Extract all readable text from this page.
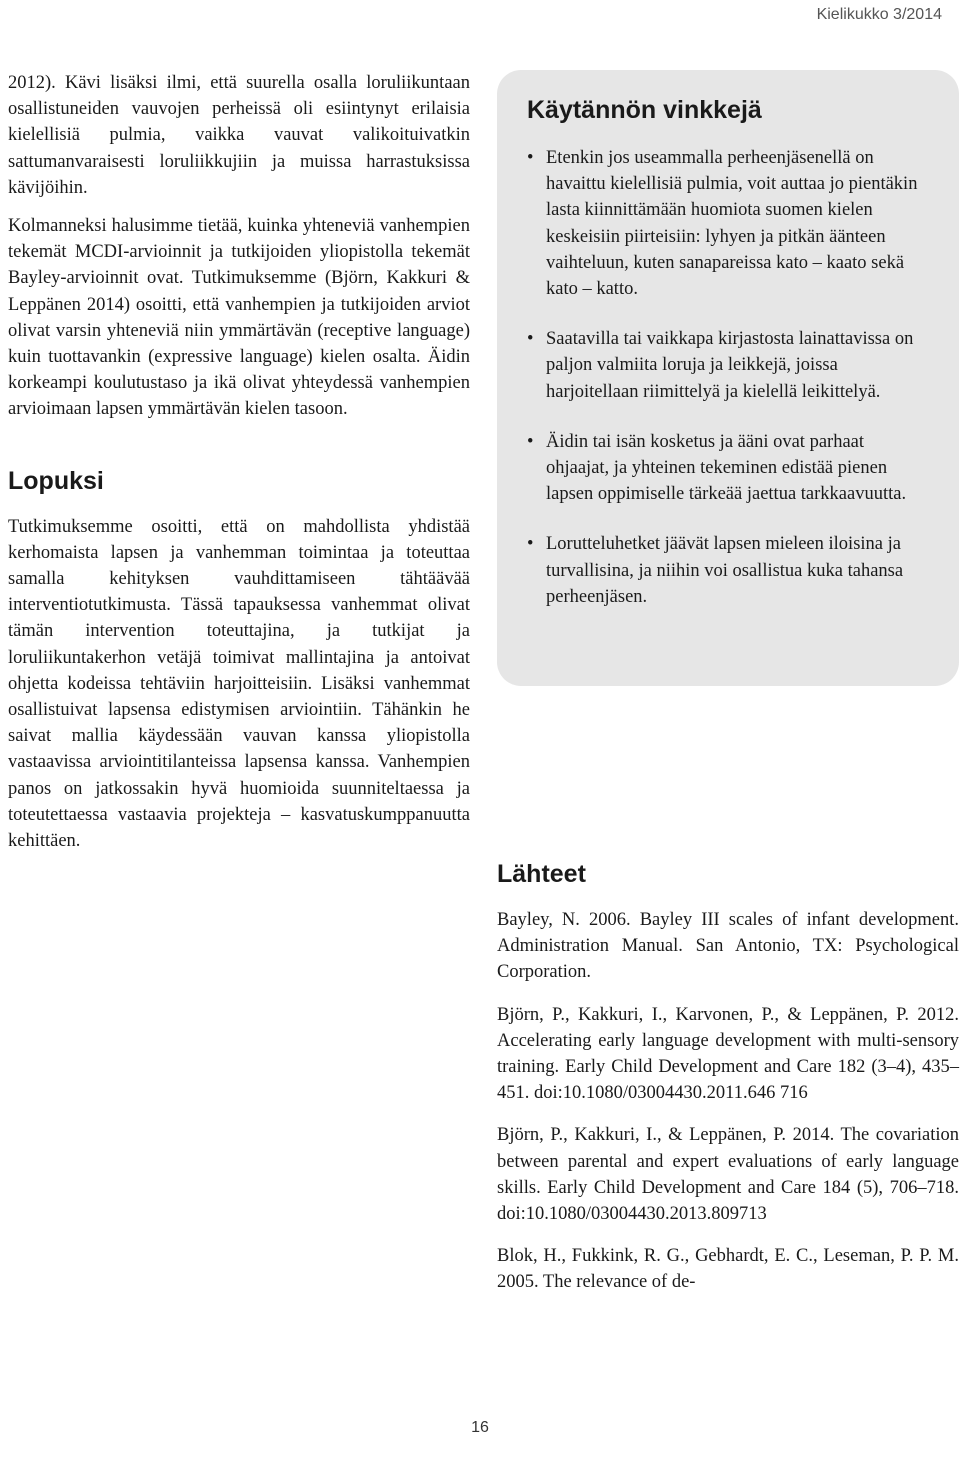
Kielikukko 3/2014

2012). Kävi lisäksi ilmi, että suurella osalla loruliikuntaan osallistuneiden vauvojen perheissä oli esiintynyt erilaisia kielellisiä pulmia, vaikka vauvat valikoituivatkin sattumanvaraisesti loruliikkujiin ja muissa harrastuksissa kävijöihin.

Kolmanneksi halusimme tietää, kuinka yhteneviä vanhempien tekemät MCDI-arvioinnit ja tutkijoiden yliopistolla tekemät Bayley-arvioinnit ovat. Tutkimuksemme (Björn, Kakkuri & Leppänen 2014) osoitti, että vanhempien ja tutkijoiden arviot olivat varsin yhteneviä niin ymmärtävän (receptive language) kuin tuottavankin (expressive language) kielen osalta. Äidin korkeampi koulutustaso ja ikä olivat yhteydessä vanhempien arvioimaan lapsen ymmärtävän kielen tasoon.

Lopuksi

Tutkimuksemme osoitti, että on mahdollista yhdistää kerhomaista lapsen ja vanhemman toimintaa ja toteuttaa samalla kehityksen vauhdittamiseen tähtäävää interventiotutkimusta. Tässä tapauksessa vanhemmat olivat tämän intervention toteuttajina, ja tutkijat ja loruliikuntakerhon vetäjä toimivat mallintajina ja antoivat ohjetta kodeissa tehtäviin harjoitteisiin. Lisäksi vanhemmat osallistuivat lapsensa edistymisen arviointiin. Tähänkin he saivat mallia käydessään vauvan kanssa yliopistolla vastaavissa arviointitilanteissa lapsensa kanssa. Vanhempien panos on jatkossakin hyvä huomioida suunniteltaessa ja toteutettaessa vastaavia projekteja – kasvatuskumppanuutta kehittäen.

Käytännön vinkkejä

• Etenkin jos useammalla perheenjäsenellä on havaittu kielellisiä pulmia, voit auttaa jo pientäkin lasta kiinnittämään huomiota suomen kielen keskeisiin piirteisiin: lyhyen ja pitkän äänteen vaihteluun, kuten sanapareissa kato – kaato sekä kato – katto.

• Saatavilla tai vaikkapa kirjastosta lainattavissa on paljon valmiita loruja ja leikkejä, joissa harjoitellaan riimittelyä ja kielellä leikittelyä.

• Äidin tai isän kosketus ja ääni ovat parhaat ohjaajat, ja yhteinen tekeminen edistää pienen lapsen oppimiselle tärkeää jaettua tarkkaavuutta.

• Lorutteluhetket jäävät lapsen mieleen iloisina ja turvallisina, ja niihin voi osallistua kuka tahansa perheenjäsen.

Lähteet

Bayley, N. 2006. Bayley III scales of infant development. Administration Manual. San Antonio, TX: Psychological Corporation.

Björn, P., Kakkuri, I., Karvonen, P., & Leppänen, P. 2012. Accelerating early language development with multi-sensory training. Early Child Development and Care 182 (3–4), 435–451. doi:10.1080/03004430.2011.646 716

Björn, P., Kakkuri, I., & Leppänen, P. 2014. The covariation between parental and expert evaluations of early language skills. Early Child Development and Care 184 (5), 706–718. doi:10.1080/03004430.2013.809713

Blok, H., Fukkink, R. G., Gebhardt, E. C., Leseman, P. P. M. 2005. The relevance of de-

16
